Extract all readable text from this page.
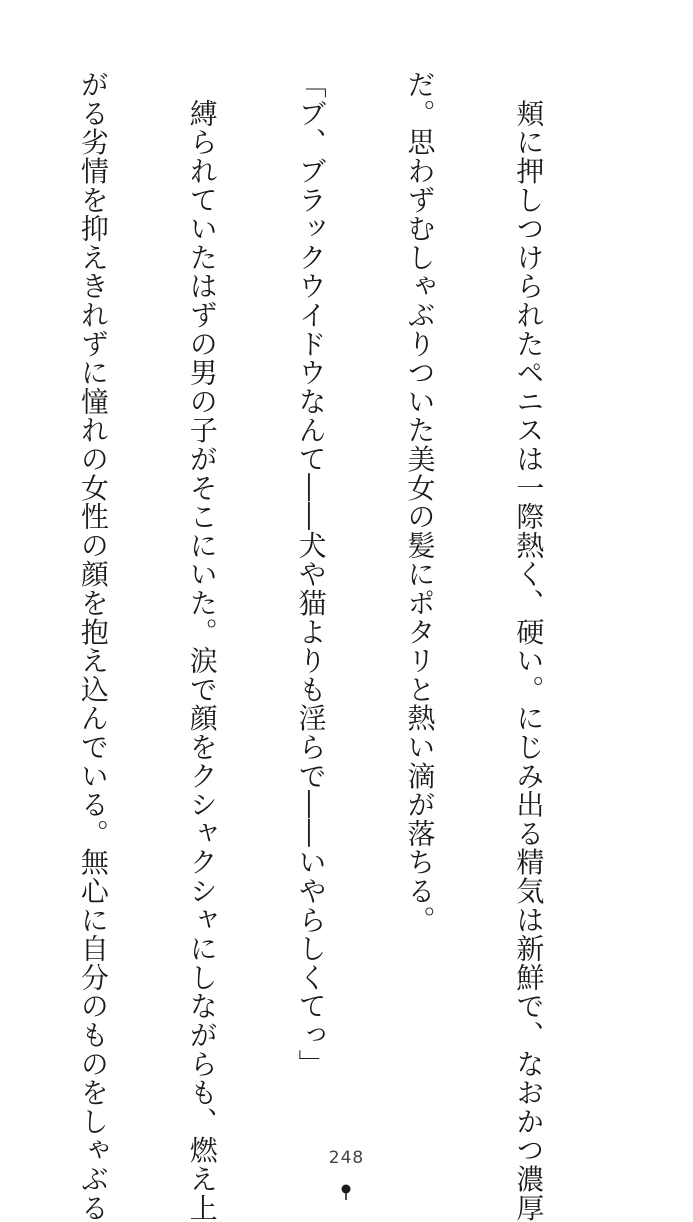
　頬に押しつけられたペニスは一際熱く、硬い。にじみ出る精気は新鮮で、なおかつ濃厚

だ。思わずむしゃぶりついた美女の髪にポタリと熱い滴が落ちる。

「ブ、ブラックウイドウなんて――犬や猫よりも淫らで――いやらしくてっ」

　縛られていたはずの男の子がそこにいた。涙で顔をクシャクシャにしながらも、燃え上

がる劣情を抑えきれずに憧れの女性の顔を抱え込んでいる。無心に自分のものをしゃぶる

	248
